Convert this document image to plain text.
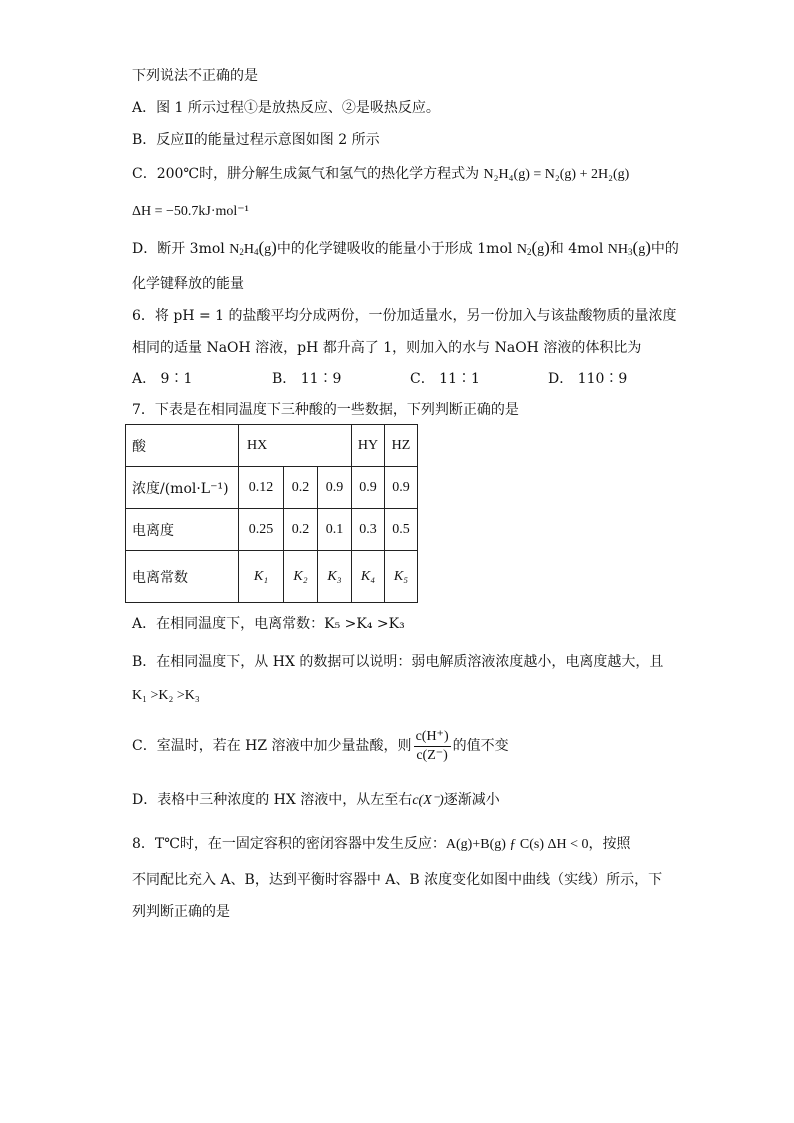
下列说法不正确的是
A．图 1 所示过程①是放热反应、②是吸热反应。
B．反应Ⅱ的能量过程示意图如图 2 所示
C．200℃时，肼分解生成氮气和氢气的热化学方程式为 N₂H₄(g) = N₂(g) + 2H₂(g)
ΔH = −50.7kJ·mol⁻¹
D．断开 3mol $N_2H_4(g)$中的化学键吸收的能量小于形成 1mol $N_2(g)$和 4mol $NH_3(g)$中的
化学键释放的能量
6．将 pH = 1 的盐酸平均分成两份，一份加适量水，另一份加入与该盐酸物质的量浓度
相同的适量 NaOH 溶液，pH 都升高了 1，则加入的水与 NaOH 溶液的体积比为
A． 9∶1	B． 11∶9	C． 11∶1	D． 110∶9
7．下表是在相同温度下三种酸的一些数据，下列判断正确的是
酸	HX			HY	HZ
浓度/(mol·L⁻¹)	0.12	0.2	0.9	0.9	0.9
电离度	0.25	0.2	0.1	0.3	0.5
电离常数	K₁	K₂	K₃	K₄	K₅
A．在相同温度下，电离常数：K₅ >K₄ >K₃
B．在相同温度下，从 HX 的数据可以说明：弱电解质溶液浓度越小，电离度越大，且
K₁ >K₂ >K₃
C．室温时，若在 HZ 溶液中加少量盐酸，则 $\frac{c(H^+)}{c(Z^-)}$ 的值不变
D．表格中三种浓度的 HX 溶液中，从左至右c(X⁻)逐渐减小
8．T℃时，在一固定容积的密闭容器中发生反应：A(g)+B(g) ƒ C(s) ΔH < 0，按照
不同配比充入 A、B，达到平衡时容器中 A、B 浓度变化如图中曲线（实线）所示，下
列判断正确的是
